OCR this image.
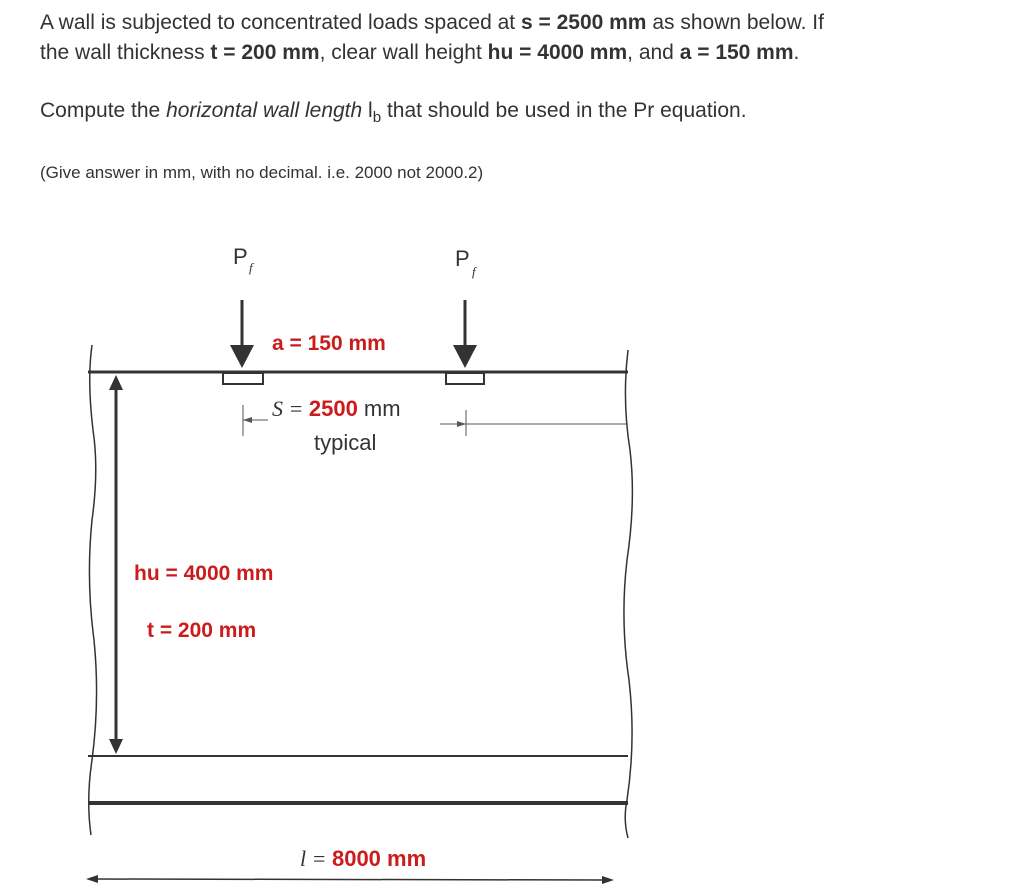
A wall is subjected to concentrated loads spaced at s = 2500 mm as shown below. If

the wall thickness t = 200 mm, clear wall height hu = 4000 mm, and a = 150 mm.

Compute the horizontal wall length $l_b$ that should be used in the Pr equation.

(Give answer in mm, with no decimal. i.e. 2000 not 2000.2)

P f	P
f
a = 150 mm
S = 2500 mm
typical
hu = 4000 mm
t = 200 mm
l = 8000 mm
